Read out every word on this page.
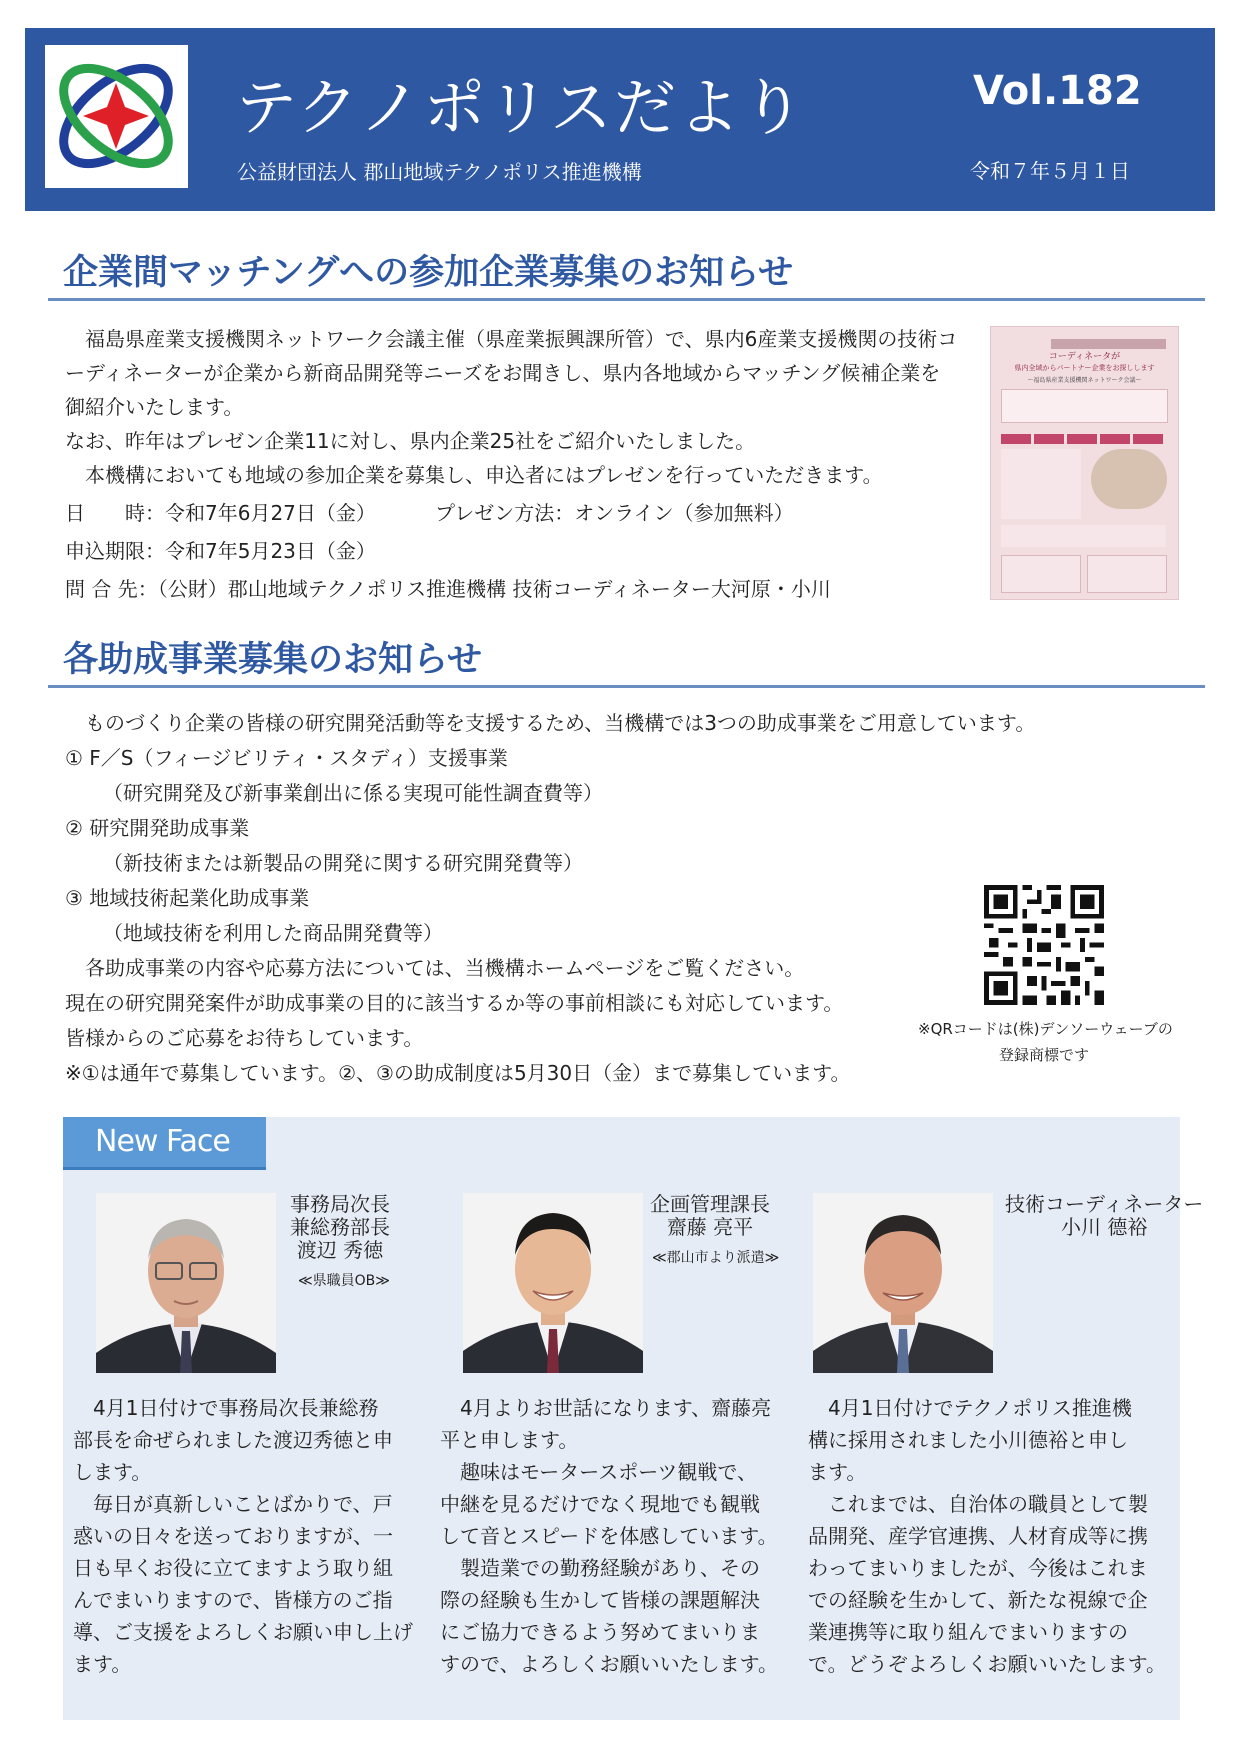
テクノポリスだより
公益財団法人 郡山地域テクノポリス推進機構
Vol.182
令和７年５月１日
企業間マッチングへの参加企業募集のお知らせ
　福島県産業支援機関ネットワーク会議主催（県産業振興課所管）で、県内6産業支援機関の技術コ
ーディネーターが企業から新商品開発等ニーズをお聞きし、県内各地域からマッチング候補企業を
御紹介いたします。
なお、昨年はプレゼン企業11に対し、県内企業25社をご紹介いたしました。
　本機構においても地域の参加企業を募集し、申込者にはプレゼンを行っていただきます。
日　　時：令和7年6月27日（金）	プレゼン方法：オンライン（参加無料）
申込期限：令和7年5月23日（金）
問 合 先：（公財）郡山地域テクノポリス推進機構 技術コーディネーター大河原・小川
コーディネータが
県内全域からパートナー企業をお探しします
～福島県産業支援機関ネットワーク会議～
各助成事業募集のお知らせ
　ものづくり企業の皆様の研究開発活動等を支援するため、当機構では3つの助成事業をご用意しています。
① F／S（フィージビリティ・スタディ）支援事業
（研究開発及び新事業創出に係る実現可能性調査費等）
② 研究開発助成事業
（新技術または新製品の開発に関する研究開発費等）
③ 地域技術起業化助成事業
（地域技術を利用した商品開発費等）
　各助成事業の内容や応募方法については、当機構ホームページをご覧ください。
現在の研究開発案件が助成事業の目的に該当するか等の事前相談にも対応しています。
皆様からのご応募をお待ちしています。
※①は通年で募集しています。②、③の助成制度は5月30日（金）まで募集しています。
※QRコードは(株)デンソーウェーブの
登録商標です
New Face
事務局次長
兼総務部長
渡辺 秀徳
≪県職員OB≫
　4月1日付けで事務局次長兼総務
部長を命ぜられました渡辺秀徳と申
します。
　毎日が真新しいことばかりで、戸
惑いの日々を送っておりますが、一
日も早くお役に立てますよう取り組
んでまいりますので、皆様方のご指
導、ご支援をよろしくお願い申し上げ
ます。
企画管理課長
齋藤 亮平
≪郡山市より派遣≫
　4月よりお世話になります、齋藤亮
平と申します。
　趣味はモータースポーツ観戦で、
中継を見るだけでなく現地でも観戦
して音とスピードを体感しています。
　製造業での勤務経験があり、その
際の経験も生かして皆様の課題解決
にご協力できるよう努めてまいりま
すので、よろしくお願いいたします。
技術コーディネーター
小川 德裕
　4月1日付けでテクノポリス推進機
構に採用されました小川德裕と申し
ます。
　これまでは、自治体の職員として製
品開発、産学官連携、人材育成等に携
わってまいりましたが、今後はこれま
での経験を生かして、新たな視線で企
業連携等に取り組んでまいりますの
で。どうぞよろしくお願いいたします。
